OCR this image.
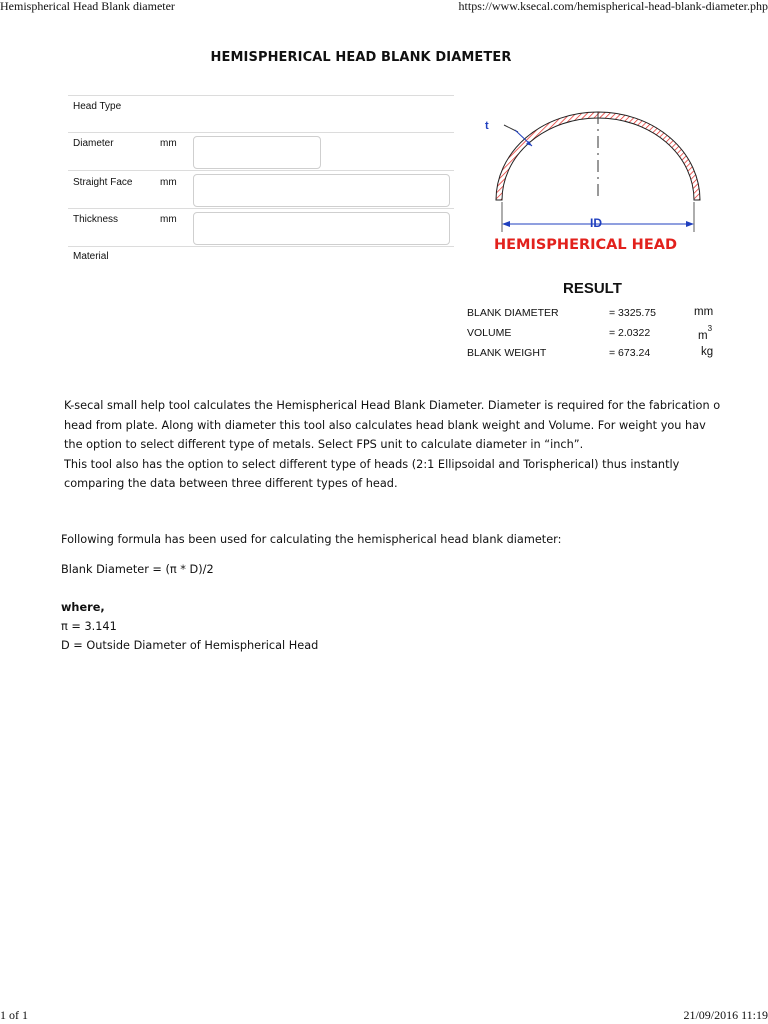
Hemispherical Head Blank diameter	https://www.ksecal.com/hemispherical-head-blank-diameter.php
HEMISPHERICAL HEAD BLANK DIAMETER
Head Type
Diameter	mm
Straight Face	mm
Thickness	mm
Material
t
ID
HEMISPHERICAL HEAD
RESULT
BLANK DIAMETER	= 3325.75	mm
VOLUME	= 2.0322	$m^3$
BLANK WEIGHT	= 673.24	kg
K-secal small help tool calculates the Hemispherical Head Blank Diameter. Diameter is required for the fabrication o
head from plate. Along with diameter this tool also calculates head blank weight and Volume. For weight you hav
the option to select different type of metals. Select FPS unit to calculate diameter in “inch”.
This tool also has the option to select different type of heads (2:1 Ellipsoidal and Torispherical) thus instantly
comparing the data between three different types of head.
Following formula has been used for calculating the hemispherical head blank diameter:
Blank Diameter = (π * D)/2
where,
π = 3.141
D = Outside Diameter of Hemispherical Head
1 of 1	21/09/2016 11:19
